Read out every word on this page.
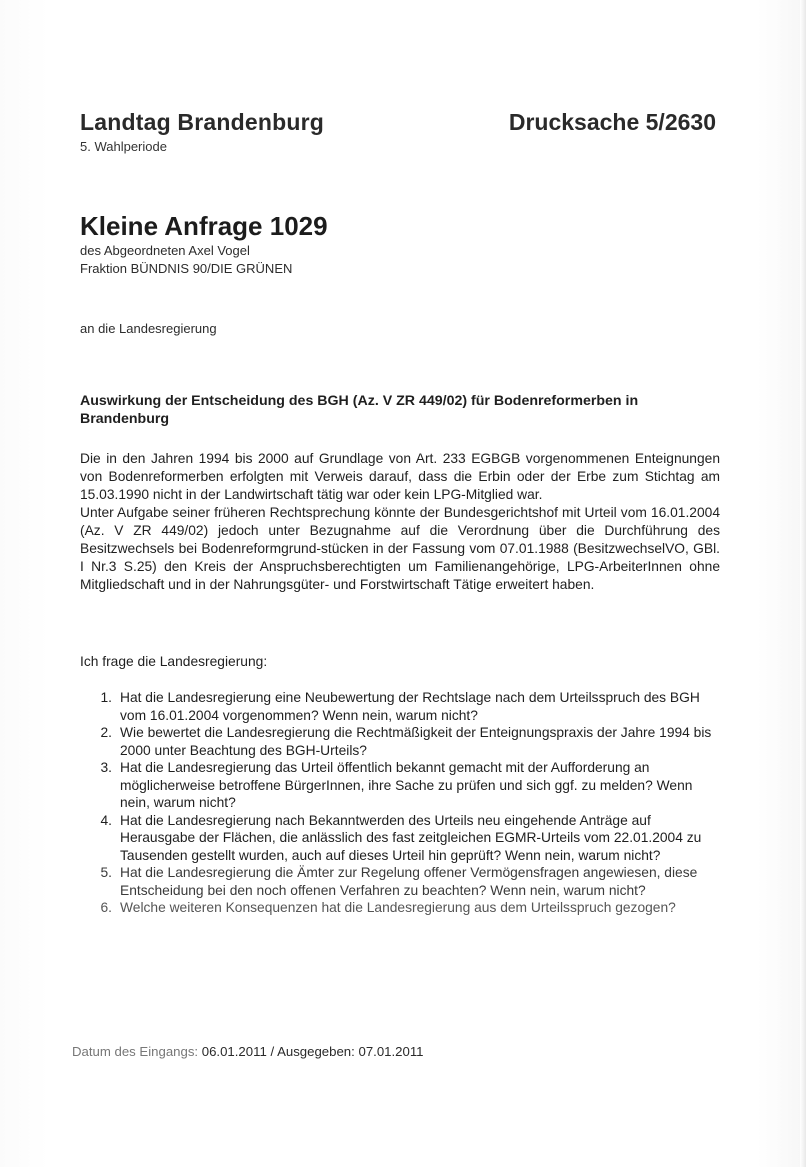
Landtag Brandenburg
5. Wahlperiode
Drucksache 5/2630
Kleine Anfrage 1029
des Abgeordneten Axel Vogel
Fraktion BÜNDNIS 90/DIE GRÜNEN
an die Landesregierung
Auswirkung der Entscheidung des BGH (Az. V ZR 449/02) für Bodenreformerben in Brandenburg

Die in den Jahren 1994 bis 2000 auf Grundlage von Art. 233 EGBGB vorgenommenen Enteignungen von Bodenreformerben erfolgten mit Verweis darauf, dass die Erbin oder der Erbe zum Stichtag am 15.03.1990 nicht in der Landwirtschaft tätig war oder kein LPG-Mitglied war.

Unter Aufgabe seiner früheren Rechtsprechung könnte der Bundesgerichtshof mit Urteil vom 16.01.2004 (Az. V ZR 449/02) jedoch unter Bezugnahme auf die Verordnung über die Durchführung des Besitzwechsels bei Bodenreformgrund-stücken in der Fassung vom 07.01.1988 (BesitzwechselVO, GBl. I Nr.3 S.25) den Kreis der Anspruchsberechtigten um Familienangehörige, LPG-ArbeiterInnen ohne Mitgliedschaft und in der Nahrungsgüter- und Forstwirtschaft Tätige erweitert haben.

Ich frage die Landesregierung:
1. Hat die Landesregierung eine Neubewertung der Rechtslage nach dem Urteilsspruch des BGH vom 16.01.2004 vorgenommen? Wenn nein, warum nicht?
2. Wie bewertet die Landesregierung die Rechtmäßigkeit der Enteignungspraxis der Jahre 1994 bis 2000 unter Beachtung des BGH-Urteils?
3. Hat die Landesregierung das Urteil öffentlich bekannt gemacht mit der Aufforderung an möglicherweise betroffene BürgerInnen, ihre Sache zu prüfen und sich ggf. zu melden? Wenn nein, warum nicht?
4. Hat die Landesregierung nach Bekanntwerden des Urteils neu eingehende Anträge auf Herausgabe der Flächen, die anlässlich des fast zeitgleichen EGMR-Urteils vom 22.01.2004 zu Tausenden gestellt wurden, auch auf dieses Urteil hin geprüft? Wenn nein, warum nicht?
5. Hat die Landesregierung die Ämter zur Regelung offener Vermögensfragen angewiesen, diese Entscheidung bei den noch offenen Verfahren zu beachten? Wenn nein, warum nicht?
6. Welche weiteren Konsequenzen hat die Landesregierung aus dem Urteilsspruch gezogen?
Datum des Eingangs: 06.01.2011 / Ausgegeben: 07.01.2011
